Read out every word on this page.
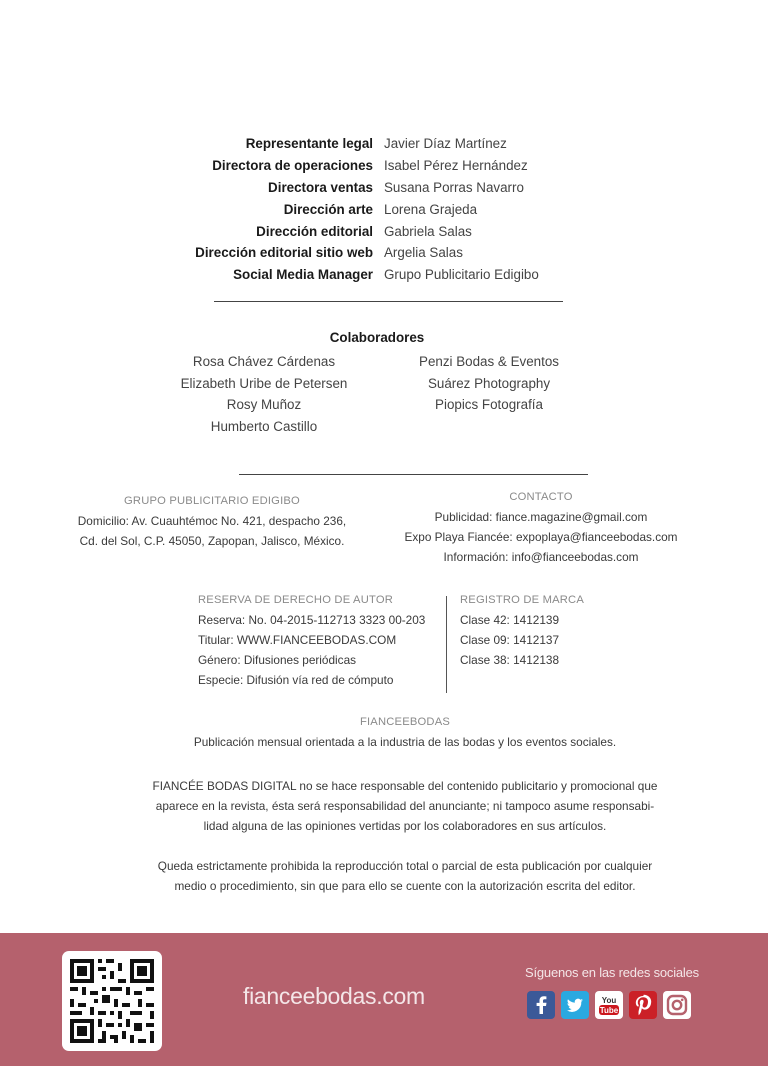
Representante legal Javier Díaz Martínez
Directora de operaciones Isabel Pérez Hernández
Directora ventas Susana Porras Navarro
Dirección arte Lorena Grajeda
Dirección editorial Gabriela Salas
Dirección editorial sitio web Argelia Salas
Social Media Manager Grupo Publicitario Edigibo
Colaboradores
Rosa Chávez Cárdenas
Elizabeth Uribe de Petersen
Rosy Muñoz
Humberto Castillo
Penzi Bodas & Eventos
Suárez Photography
Piopics Fotografía
GRUPO PUBLICITARIO EDIGIBO
Domicilio: Av. Cuauhtémoc No. 421, despacho 236,
Cd. del Sol, C.P. 45050, Zapopan, Jalisco, México.
CONTACTO
Publicidad: fiance.magazine@gmail.com
Expo Playa Fiancée: expoplaya@fianceebodas.com
Información: info@fianceebodas.com
RESERVA DE DERECHO DE AUTOR
Reserva: No. 04-2015-112713 3323 00-203
Titular: WWW.FIANCEEBODAS.COM
Género: Difusiones periódicas
Especie: Difusión vía red de cómputo
REGISTRO DE MARCA
Clase 42: 1412139
Clase 09: 1412137
Clase 38: 1412138
FIANCEEBODAS
Publicación mensual orientada a la industria de las bodas y los eventos sociales.
FIANCÉE BODAS DIGITAL no se hace responsable del contenido publicitario y promocional que
aparece en la revista, ésta será responsabilidad del anunciante; ni tampoco asume responsabi-
lidad alguna de las opiniones vertidas por los colaboradores en sus artículos.
Queda estrictamente prohibida la reproducción total o parcial de esta publicación por cualquier
medio o procedimiento, sin que para ello se cuente con la autorización escrita del editor.
fianceebodas.com
Síguenos en las redes sociales
You
Tube
